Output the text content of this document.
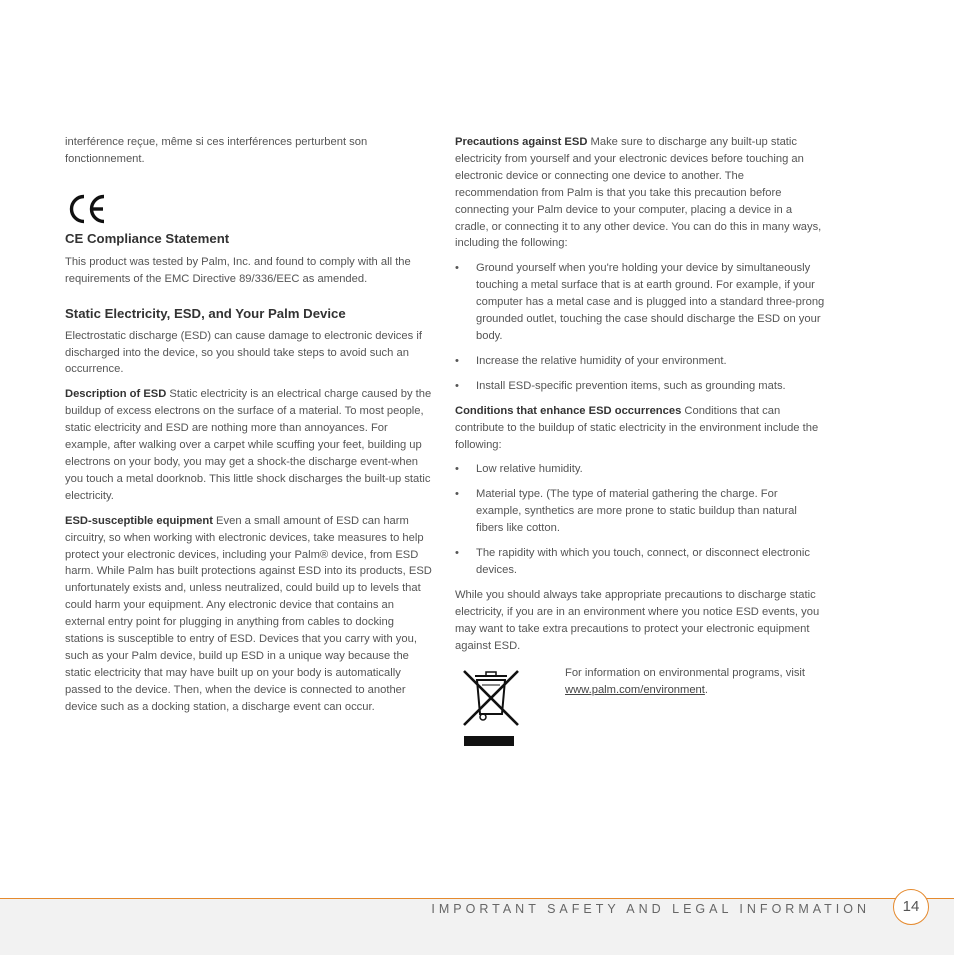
interférence reçue, même si ces interférences perturbent son fonctionnement.

CE Compliance Statement

This product was tested by Palm, Inc. and found to comply with all the requirements of the EMC Directive 89/336/EEC as amended.

Static Electricity, ESD, and Your Palm Device

Electrostatic discharge (ESD) can cause damage to electronic devices if discharged into the device, so you should take steps to avoid such an occurrence.

Description of ESD Static electricity is an electrical charge caused by the buildup of excess electrons on the surface of a material. To most people, static electricity and ESD are nothing more than annoyances. For example, after walking over a carpet while scuffing your feet, building up electrons on your body, you may get a shock-the discharge event-when you touch a metal doorknob. This little shock discharges the built-up static electricity.

ESD-susceptible equipment Even a small amount of ESD can harm circuitry, so when working with electronic devices, take measures to help protect your electronic devices, including your Palm® device, from ESD harm. While Palm has built protections against ESD into its products, ESD unfortunately exists and, unless neutralized, could build up to levels that could harm your equipment. Any electronic device that contains an external entry point for plugging in anything from cables to docking stations is susceptible to entry of ESD. Devices that you carry with you, such as your Palm device, build up ESD in a unique way because the static electricity that may have built up on your body is automatically passed to the device. Then, when the device is connected to another device such as a docking station, a discharge event can occur.

Precautions against ESD Make sure to discharge any built-up static electricity from yourself and your electronic devices before touching an electronic device or connecting one device to another. The recommendation from Palm is that you take this precaution before connecting your Palm device to your computer, placing a device in a cradle, or connecting it to any other device. You can do this in many ways, including the following:

• Ground yourself when you're holding your device by simultaneously touching a metal surface that is at earth ground. For example, if your computer has a metal case and is plugged into a standard three-prong grounded outlet, touching the case should discharge the ESD on your body.
• Increase the relative humidity of your environment.
• Install ESD-specific prevention items, such as grounding mats.

Conditions that enhance ESD occurrences Conditions that can contribute to the buildup of static electricity in the environment include the following:

• Low relative humidity.
• Material type. (The type of material gathering the charge. For example, synthetics are more prone to static buildup than natural fibers like cotton.
• The rapidity with which you touch, connect, or disconnect electronic devices.

While you should always take appropriate precautions to discharge static electricity, if you are in an environment where you notice ESD events, you may want to take extra precautions to protect your electronic equipment against ESD.

For information on environmental programs, visit www.palm.com/environment.

IMPORTANT SAFETY AND LEGAL INFORMATION	14
